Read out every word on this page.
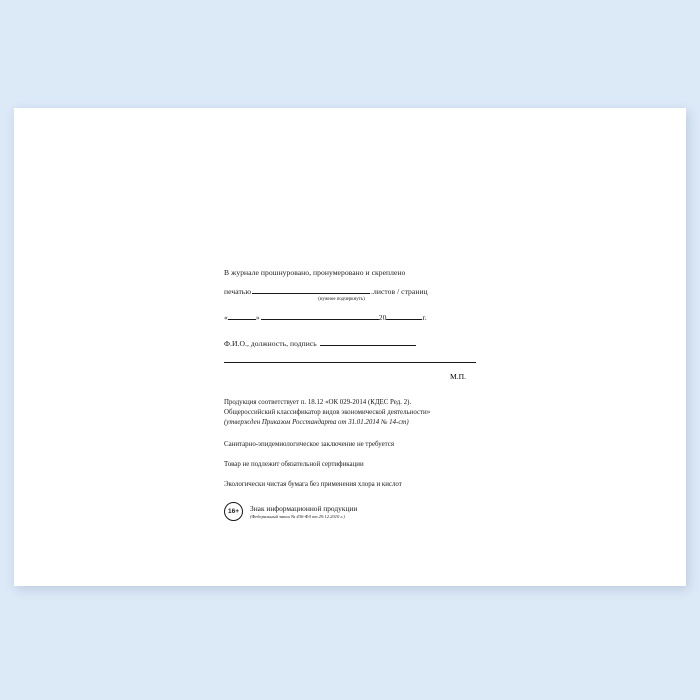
В журнале прошнуровано, пронумеровано и скреплено
печатью	.листов / страниц
(нужное подчеркнуть)
«	»	20	г.
Ф.И.О., должность, подпись
М.П.
Продукция соответствует п. 18.12 «ОК 029-2014 (КДЕС Ред. 2).
Общероссийский классификатор видов экономической деятельности»
(утвержден Приказом Росстандарта от 31.01.2014 № 14-ст)
Санитарно-эпидемиологическое заключение не требуется
Товар не подлежит обязательной сертификации
Экологически чистая бумага без применения хлора и кислот
16+	Знак информационной продукции
(Федеральный закон № 436-ФЗ от 29.12.2010 г.)
